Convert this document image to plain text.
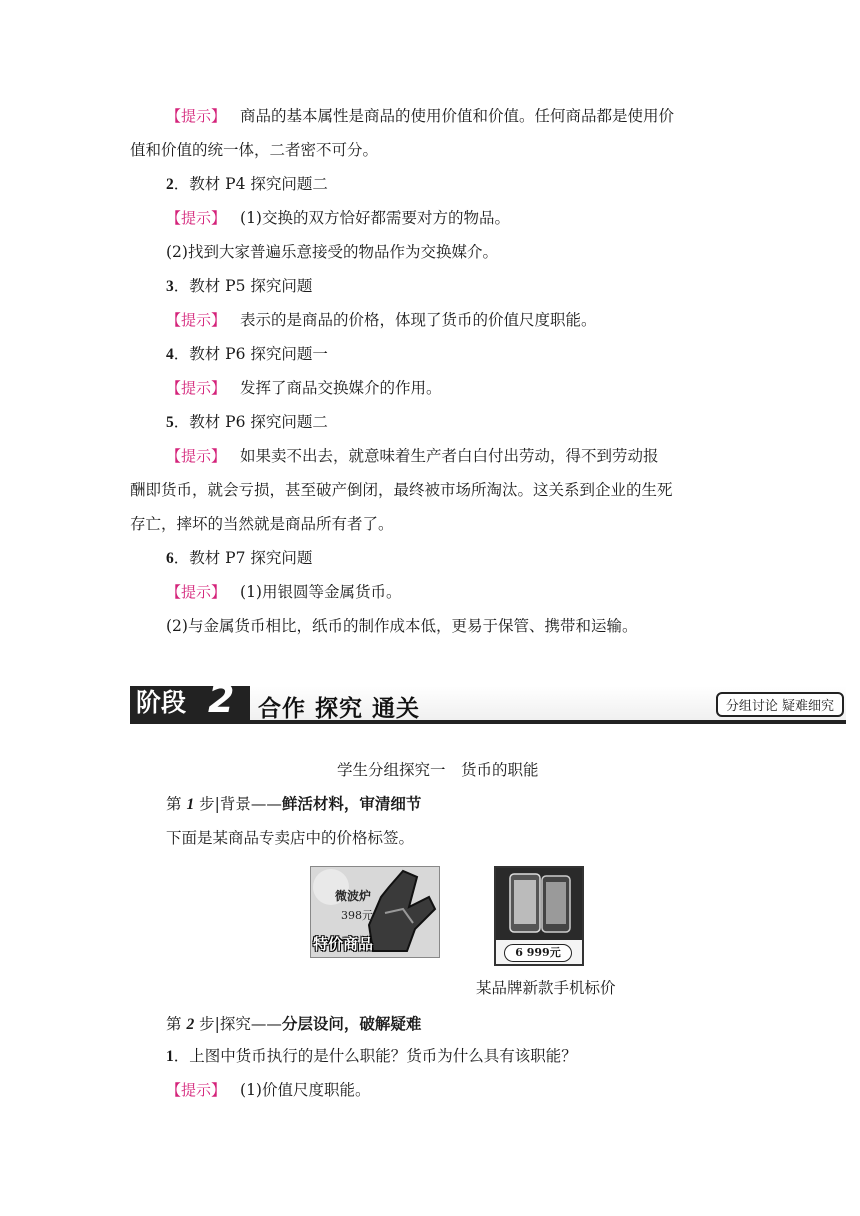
【提示】 商品的基本属性是商品的使用价值和价值。任何商品都是使用价
值和价值的统一体，二者密不可分。
2．教材 P4 探究问题二
【提示】 (1)交换的双方恰好都需要对方的物品。
(2)找到大家普遍乐意接受的物品作为交换媒介。
3．教材 P5 探究问题
【提示】 表示的是商品的价格，体现了货币的价值尺度职能。
4．教材 P6 探究问题一
【提示】 发挥了商品交换媒介的作用。
5．教材 P6 探究问题二
【提示】 如果卖不出去，就意味着生产者白白付出劳动，得不到劳动报
酬即货币，就会亏损，甚至破产倒闭，最终被市场所淘汰。这关系到企业的生死
存亡，摔坏的当然就是商品所有者了。
6．教材 P7 探究问题
【提示】 (1)用银圆等金属货币。
(2)与金属货币相比，纸币的制作成本低，更易于保管、携带和运输。
阶段 2 合作 探究 通关	分组讨论 疑难细究
学生分组探究一　货币的职能
第 1 步|背景——鲜活材料，审清细节
下面是某商品专卖店中的价格标签。
微波炉
398元
特价商品	6 999元
某品牌新款手机标价
第 2 步|探究——分层设问，破解疑难
1．上图中货币执行的是什么职能？货币为什么具有该职能？
【提示】 (1)价值尺度职能。
